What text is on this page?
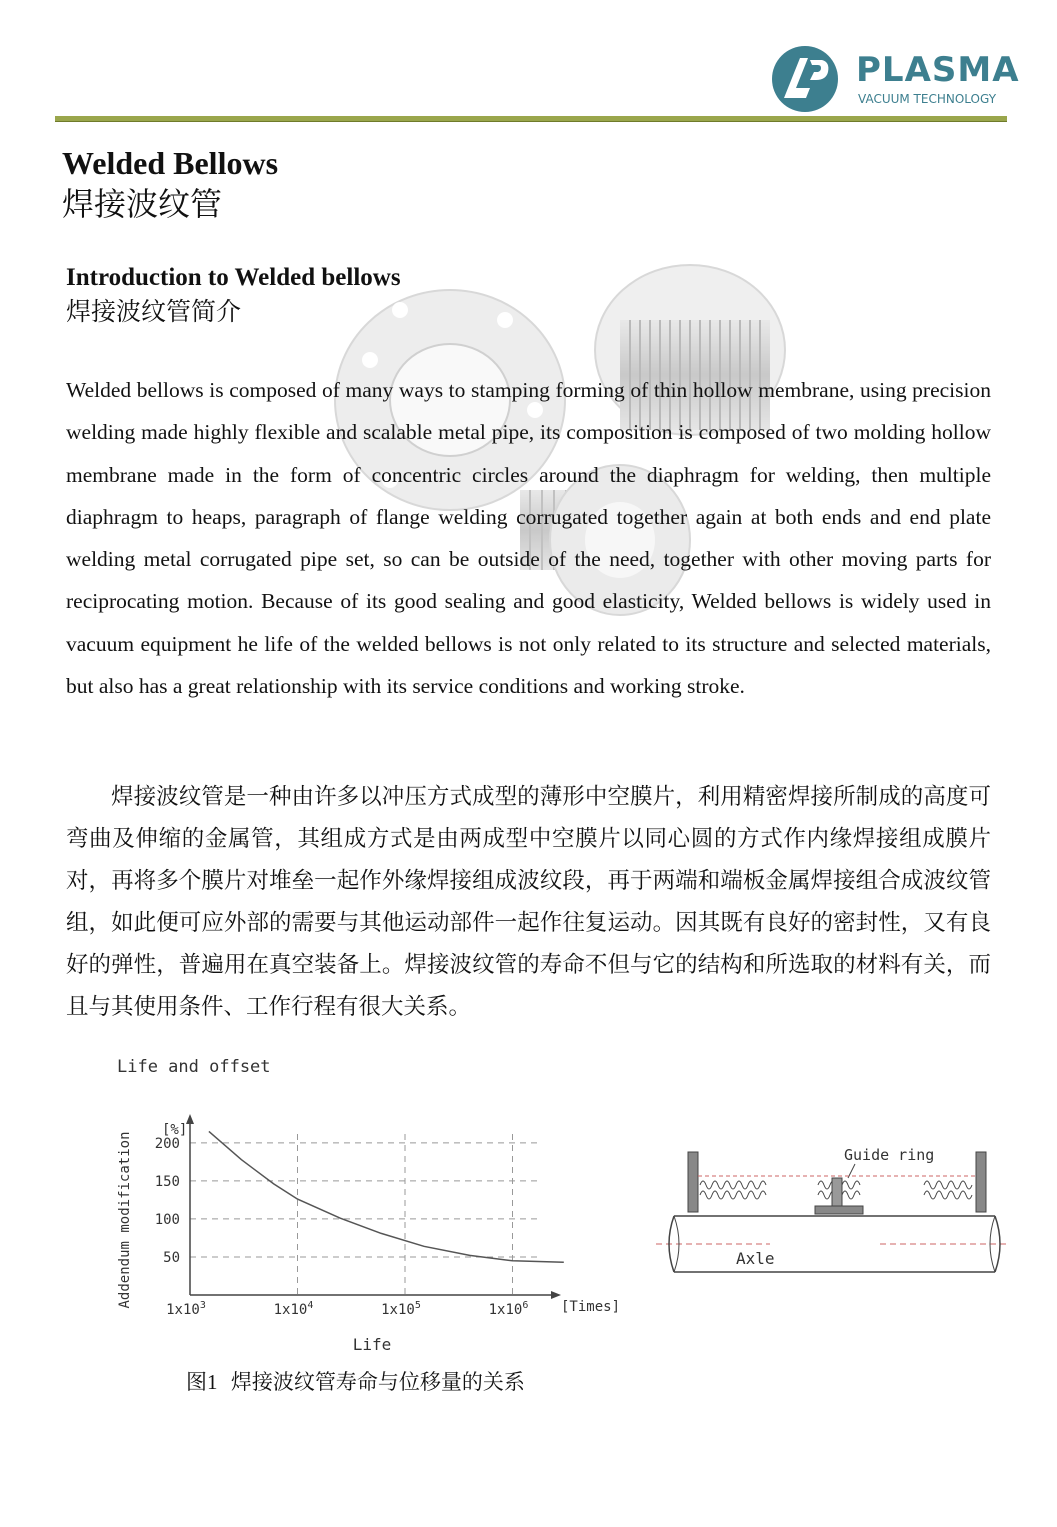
PLASMA
VACUUM TECHNOLOGY
Welded Bellows
焊接波纹管
Introduction to Welded bellows
焊接波纹管简介
Welded bellows is composed of many ways to stamping forming of thin hollow membrane, using precision welding made highly flexible and scalable metal pipe, its composition is composed of two molding hollow membrane made in the form of concentric circles around the diaphragm for welding, then multiple diaphragm to heaps, paragraph of flange welding corrugated together again at both ends and end plate welding metal corrugated pipe set, so can be outside of the need, together with other moving parts for reciprocating motion. Because of its good sealing and good elasticity, Welded bellows is widely used in vacuum equipment he life of the welded bellows is not only related to its structure and selected materials, but also has a great relationship with its service conditions and working stroke.
焊接波纹管是一种由许多以冲压方式成型的薄形中空膜片，利用精密焊接所制成的高度可弯曲及伸缩的金属管，其组成方式是由两成型中空膜片以同心圆的方式作内缘焊接组成膜片对，再将多个膜片对堆垒一起作外缘焊接组成波纹段，再于两端和端板金属焊接组合成波纹管组，如此便可应外部的需要与其他运动部件一起作往复运动。因其既有良好的密封性，又有良好的弹性，普遍用在真空装备上。焊接波纹管的寿命不但与它的结构和所选取的材料有关，而且与其使用条件、工作行程有很大关系。
Life and offset
[%]
[Times]
Addendum modification
Life
50
100
150
200
$1x10^3$	$1x10^4$	$1x10^5$	$1x10^6$
Guide ring
Axle
图1 焊接波纹管寿命与位移量的关系
